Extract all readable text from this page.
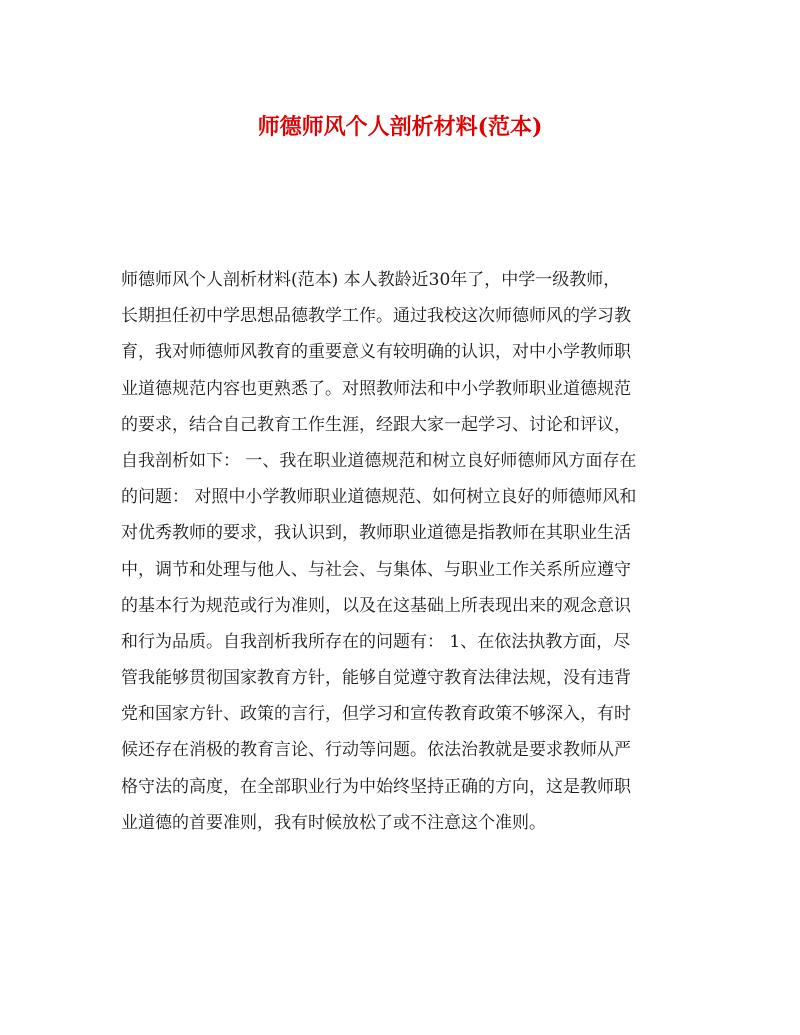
师德师风个人剖析材料(范本)
师德师风个人剖析材料(范本) 本人教龄近30年了，中学一级教师，
长期担任初中学思想品德教学工作。通过我校这次师德师风的学习教
育，我对师德师风教育的重要意义有较明确的认识，对中小学教师职
业道德规范内容也更熟悉了。对照教师法和中小学教师职业道德规范
的要求，结合自己教育工作生涯，经跟大家一起学习、讨论和评议，
自我剖析如下： 一、我在职业道德规范和树立良好师德师风方面存在
的问题： 对照中小学教师职业道德规范、如何树立良好的师德师风和
对优秀教师的要求，我认识到，教师职业道德是指教师在其职业生活
中，调节和处理与他人、与社会、与集体、与职业工作关系所应遵守
的基本行为规范或行为准则，以及在这基础上所表现出来的观念意识
和行为品质。自我剖析我所存在的问题有： 1、在依法执教方面，尽
管我能够贯彻国家教育方针，能够自觉遵守教育法律法规，没有违背
党和国家方针、政策的言行，但学习和宣传教育政策不够深入，有时
候还存在消极的教育言论、行动等问题。依法治教就是要求教师从严
格守法的高度，在全部职业行为中始终坚持正确的方向，这是教师职
业道德的首要准则，我有时候放松了或不注意这个准则。
